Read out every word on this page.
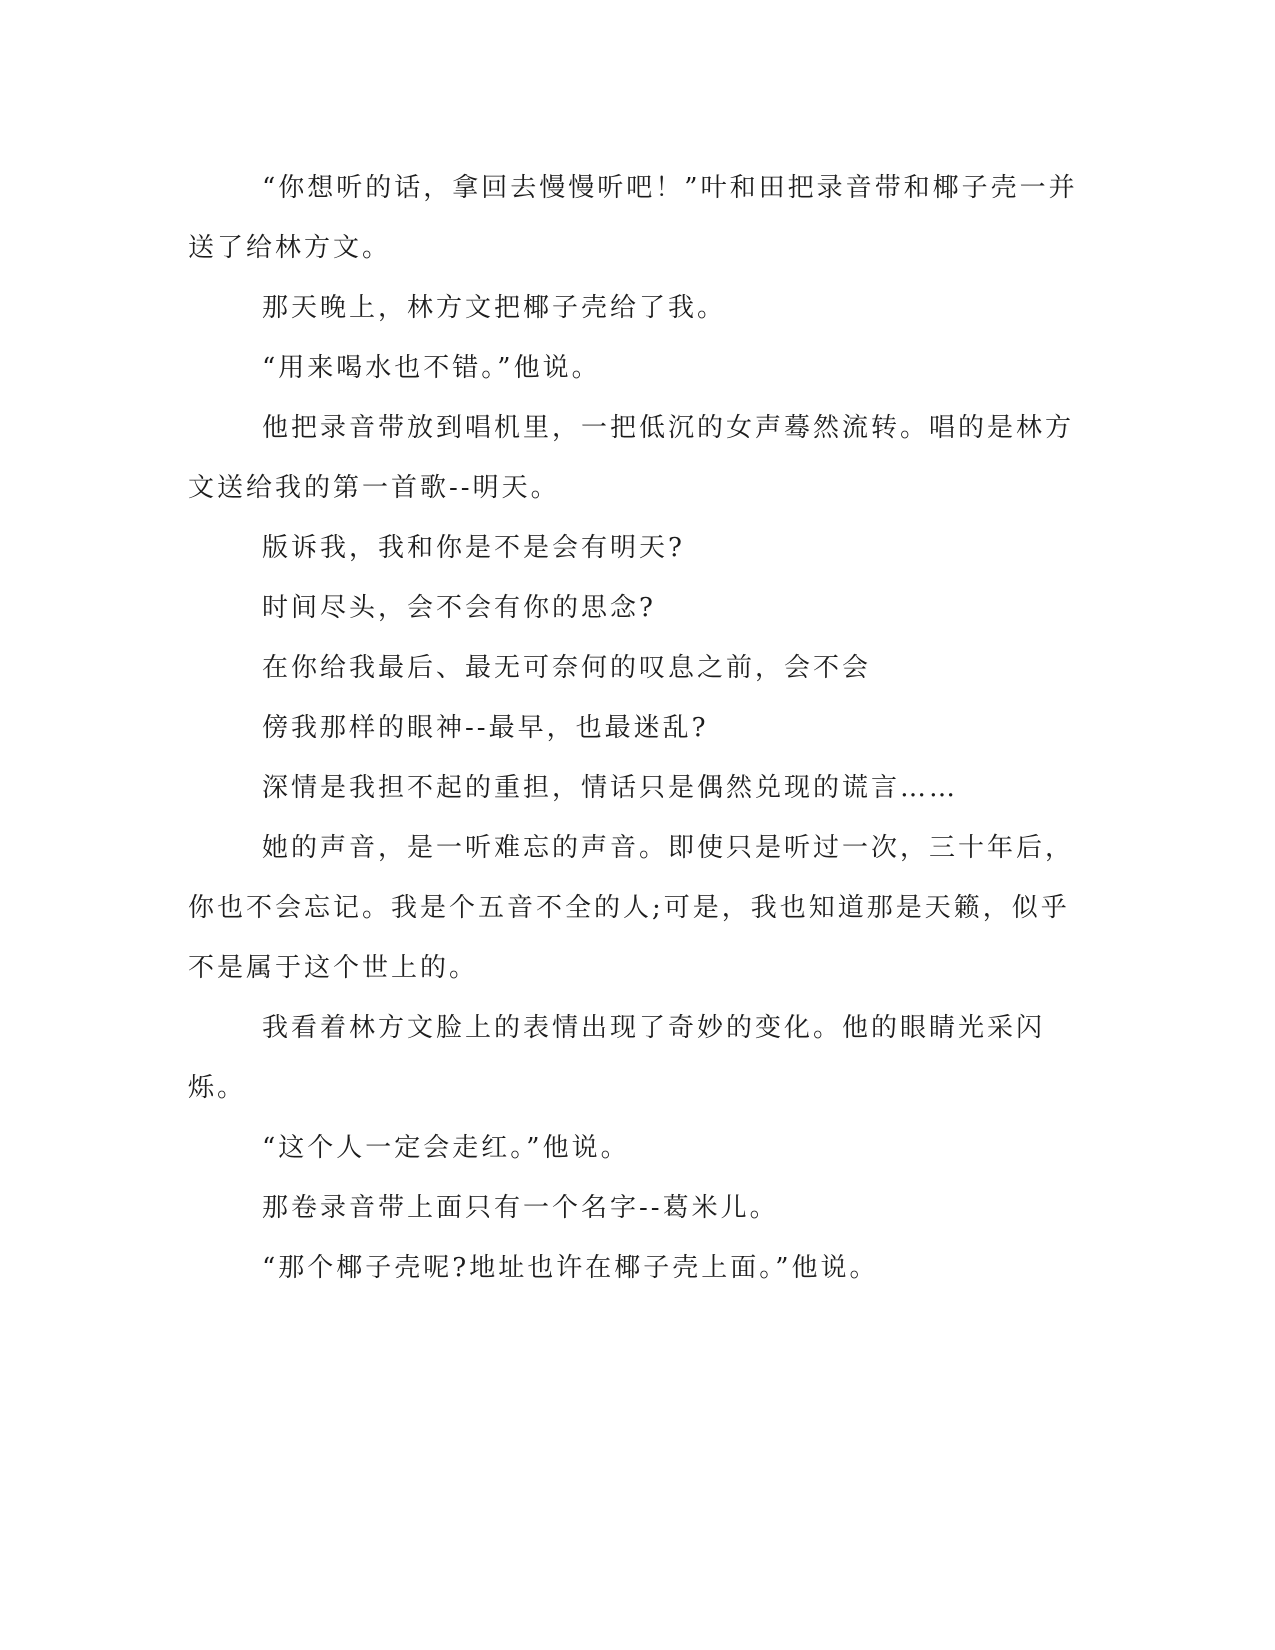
“你想听的话，拿回去慢慢听吧！”叶和田把录音带和椰子壳一并送了给林方文。

那天晚上，林方文把椰子壳给了我。

“用来喝水也不错。”他说。

他把录音带放到唱机里，一把低沉的女声蓦然流转。唱的是林方文送给我的第一首歌--明天。

版诉我，我和你是不是会有明天?

时间尽头，会不会有你的思念?

在你给我最后、最无可奈何的叹息之前，会不会

傍我那样的眼神--最早，也最迷乱?

深情是我担不起的重担，情话只是偶然兑现的谎言……

她的声音，是一听难忘的声音。即使只是听过一次，三十年后，你也不会忘记。我是个五音不全的人;可是，我也知道那是天籁，似乎不是属于这个世上的。

我看着林方文脸上的表情出现了奇妙的变化。他的眼睛光采闪烁。

“这个人一定会走红。”他说。

那卷录音带上面只有一个名字--葛米儿。

“那个椰子壳呢?地址也许在椰子壳上面。”他说。
